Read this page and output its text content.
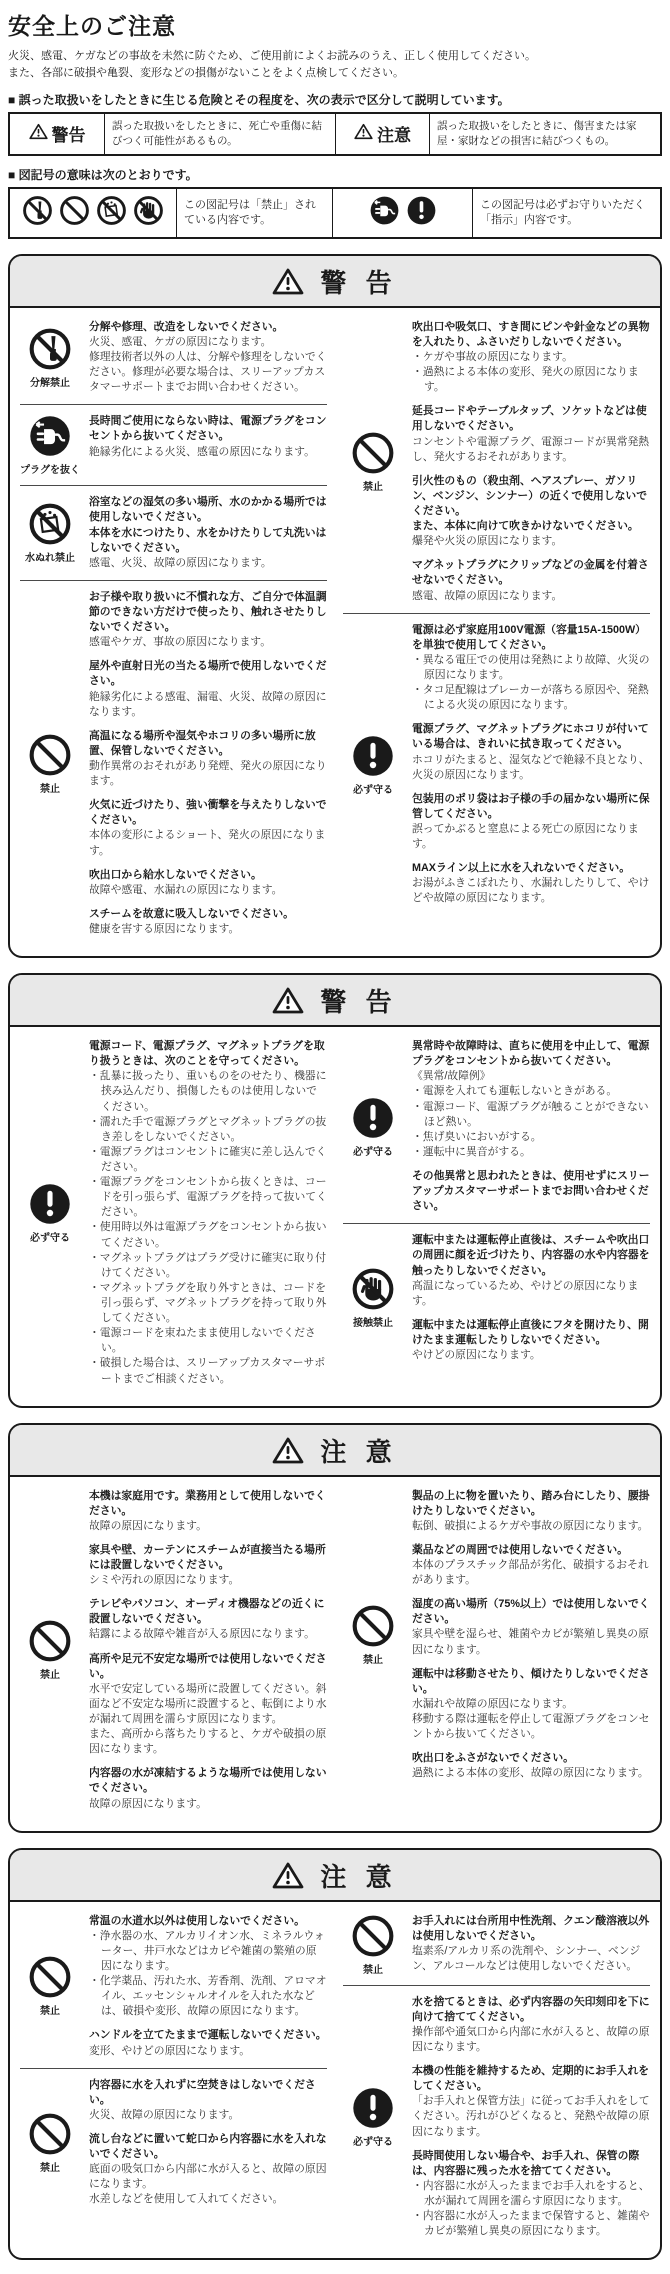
安全上のご注意
火災、感電、ケガなどの事故を未然に防ぐため、ご使用前によくお読みのうえ、正しく使用してください。
また、各部に破損や亀裂、変形などの損傷がないことをよく点検してください。
■ 誤った取扱いをしたときに生じる危険とその程度を、次の表示で区分して説明しています。
警告
誤った取扱いをしたときに、死亡や重傷に結びつく可能性があるもの。	注意
誤った取扱いをしたときに、傷害または家屋・家財などの損害に結びつくもの。
■ 図記号の意味は次のとおりです。
この図記号は「禁止」されている内容です。
この図記号は必ずお守りいただく「指示」内容です。
警 告
分解禁止
分解や修理、改造をしないでください。
火災、感電、ケガの原因になります。
修理技術者以外の人は、分解や修理をしないでください。修理が必要な場合は、スリーアップカスタマーサポートまでお問い合わせください。
プラグを抜く
長時間ご使用にならない時は、電源プラグをコンセントから抜いてください。
絶縁劣化による火災、感電の原因になります。
水ぬれ禁止
浴室などの湿気の多い場所、水のかかる場所では使用しないでください。
本体を水につけたり、水をかけたりして丸洗いはしないでください。
感電、火災、故障の原因になります。
禁止
お子様や取り扱いに不慣れな方、ご自分で体温調節のできない方だけで使ったり、触れさせたりしないでください。
感電やケガ、事故の原因になります。
屋外や直射日光の当たる場所で使用しないでください。
絶縁劣化による感電、漏電、火災、故障の原因になります。
高温になる場所や湿気やホコリの多い場所に放置、保管しないでください。
動作異常のおそれがあり発煙、発火の原因になります。
火気に近づけたり、強い衝撃を与えたりしないでください。
本体の変形によるショート、発火の原因になります。
吹出口から給水しないでください。
故障や感電、水漏れの原因になります。
スチームを故意に吸入しないでください。
健康を害する原因になります。
禁止
吹出口や吸気口、すき間にピンや針金などの異物を入れたり、ふさいだりしないでください。
・ケガや事故の原因になります。
・過熱による本体の変形、発火の原因になります。
延長コードやテーブルタップ、ソケットなどは使用しないでください。
コンセントや電源プラグ、電源コードが異常発熱し、発火するおそれがあります。
引火性のもの（殺虫剤、ヘアスプレー、ガソリン、ベンジン、シンナー）の近くで使用しないでください。
また、本体に向けて吹きかけないでください。
爆発や火災の原因になります。
マグネットプラグにクリップなどの金属を付着させないでください。
感電、故障の原因になります。
必ず守る
電源は必ず家庭用100V電源（容量15A-1500W）を単独で使用してください。
・異なる電圧での使用は発熱により故障、火災の原因になります。
・タコ足配線はブレーカーが落ちる原因や、発熱による火災の原因になります。
電源プラグ、マグネットプラグにホコリが付いている場合は、きれいに拭き取ってください。
ホコリがたまると、湿気などで絶縁不良となり、火災の原因になります。
包装用のポリ袋はお子様の手の届かない場所に保管してください。
誤ってかぶると窒息による死亡の原因になります。
MAXライン以上に水を入れないでください。
お湯がふきこぼれたり、水漏れしたりして、やけどや故障の原因になります。
警 告
必ず守る
電源コード、電源プラグ、マグネットプラグを取り扱うときは、次のことを守ってください。
・乱暴に扱ったり、重いものをのせたり、機器に挟み込んだり、損傷したものは使用しないでください。
・濡れた手で電源プラグとマグネットプラグの抜き差しをしないでください。
・電源プラグはコンセントに確実に差し込んでください。
・電源プラグをコンセントから抜くときは、コードを引っ張らず、電源プラグを持って抜いてください。
・使用時以外は電源プラグをコンセントから抜いてください。
・マグネットプラグはプラグ受けに確実に取り付けてください。
・マグネットプラグを取り外すときは、コードを引っ張らず、マグネットプラグを持って取り外してください。
・電源コードを束ねたまま使用しないでください。
・破損した場合は、スリーアップカスタマーサポートまでご相談ください。
必ず守る
異常時や故障時は、直ちに使用を中止して、電源プラグをコンセントから抜いてください。
《異常/故障例》
・電源を入れても運転しないときがある。
・電源コード、電源プラグが触ることができないほど熱い。
・焦げ臭いにおいがする。
・運転中に異音がする。
その他異常と思われたときは、使用せずにスリーアップカスタマーサポートまでお問い合わせください。
接触禁止
運転中または運転停止直後は、スチームや吹出口の周囲に顔を近づけたり、内容器の水や内容器を触ったりしないでください。
高温になっているため、やけどの原因になります。
運転中または運転停止直後にフタを開けたり、開けたまま運転したりしないでください。
やけどの原因になります。
注 意
禁止
本機は家庭用です。業務用として使用しないでください。
故障の原因になります。
家具や壁、カーテンにスチームが直接当たる場所には設置しないでください。
シミや汚れの原因になります。
テレビやパソコン、オーディオ機器などの近くに設置しないでください。
結露による故障や雑音が入る原因になります。
高所や足元不安定な場所では使用しないでください。
水平で安定している場所に設置してください。斜面など不安定な場所に設置すると、転倒により水が漏れて周囲を濡らす原因になります。
また、高所から落ちたりすると、ケガや破損の原因になります。
内容器の水が凍結するような場所では使用しないでください。
故障の原因になります。
禁止
製品の上に物を置いたり、踏み台にしたり、腰掛けたりしないでください。
転倒、破損によるケガや事故の原因になります。
薬品などの周囲では使用しないでください。
本体のプラスチック部品が劣化、破損するおそれがあります。
湿度の高い場所（75%以上）では使用しないでください。
家具や壁を湿らせ、雑菌やカビが繁殖し異臭の原因になります。
運転中は移動させたり、傾けたりしないでください。
水漏れや故障の原因になります。
移動する際は運転を停止して電源プラグをコンセントから抜いてください。
吹出口をふさがないでください。
過熱による本体の変形、故障の原因になります。
注 意
禁止
常温の水道水以外は使用しないでください。
・浄水器の水、アルカリイオン水、ミネラルウォーター、井戸水などはカビや雑菌の繁殖の原因になります。
・化学薬品、汚れた水、芳香剤、洗剤、アロマオイル、エッセンシャルオイルを入れた水などは、破損や変形、故障の原因になります。
ハンドルを立てたままで運転しないでください。
変形、やけどの原因になります。
禁止
内容器に水を入れずに空焚きはしないでください。
火災、故障の原因になります。
流し台などに置いて蛇口から内容器に水を入れないでください。
底面の吸気口から内部に水が入ると、故障の原因になります。
水差しなどを使用して入れてください。
禁止
お手入れには台所用中性洗剤、クエン酸溶液以外は使用しないでください。
塩素系/アルカリ系の洗剤や、シンナー、ベンジン、アルコールなどは使用しないでください。
必ず守る
水を捨てるときは、必ず内容器の矢印刻印を下に向けて捨ててください。
操作部や通気口から内部に水が入ると、故障の原因になります。
本機の性能を維持するため、定期的にお手入れをしてください。
「お手入れと保管方法」に従ってお手入れをしてください。汚れがひどくなると、発熱や故障の原因になります。
長時間使用しない場合や、お手入れ、保管の際は、内容器に残った水を捨ててください。
・内容器に水が入ったままでお手入れをすると、水が漏れて周囲を濡らす原因になります。
・内容器に水が入ったままで保管すると、雑菌やカビが繁殖し異臭の原因になります。
